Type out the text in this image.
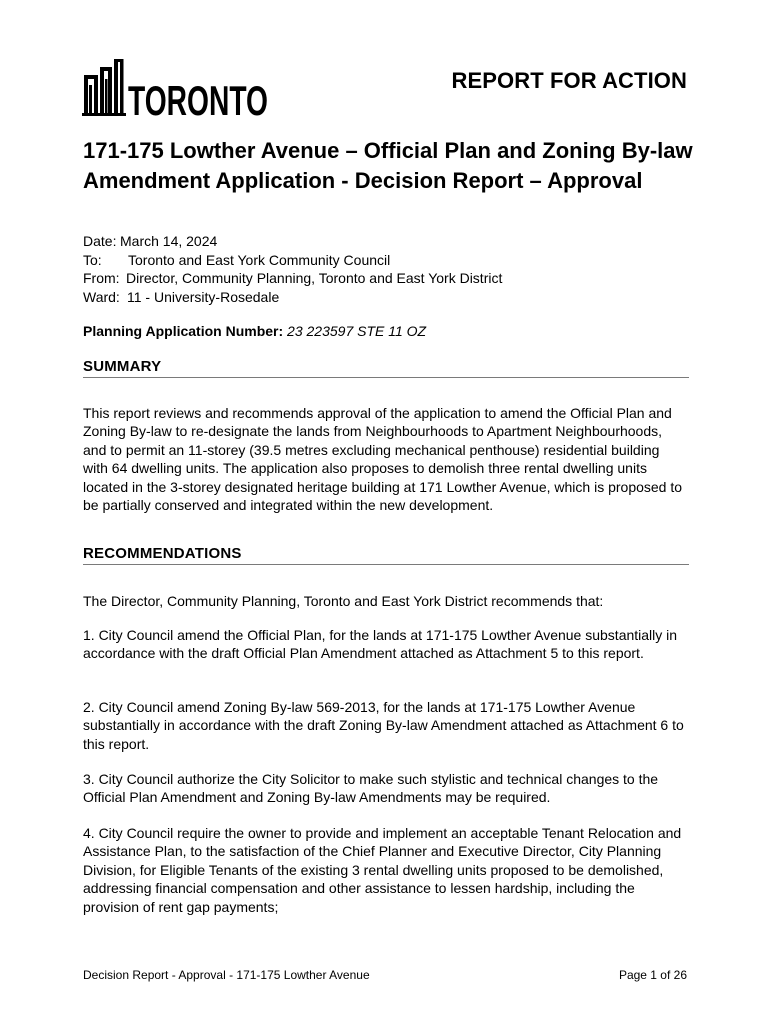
TORONTO	REPORT FOR ACTION
171-175 Lowther Avenue – Official Plan and Zoning By-law Amendment Application - Decision Report – Approval
Date: March 14, 2024
To: Toronto and East York Community Council
From: Director, Community Planning, Toronto and East York District
Ward: 11 - University-Rosedale
Planning Application Number: 23 223597 STE 11 OZ
SUMMARY

This report reviews and recommends approval of the application to amend the Official Plan and Zoning By-law to re-designate the lands from Neighbourhoods to Apartment Neighbourhoods, and to permit an 11-storey (39.5 metres excluding mechanical penthouse) residential building with 64 dwelling units. The application also proposes to demolish three rental dwelling units located in the 3-storey designated heritage building at 171 Lowther Avenue, which is proposed to be partially conserved and integrated within the new development.

RECOMMENDATIONS

The Director, Community Planning, Toronto and East York District recommends that:

1. City Council amend the Official Plan, for the lands at 171-175 Lowther Avenue substantially in accordance with the draft Official Plan Amendment attached as Attachment 5 to this report.

2. City Council amend Zoning By-law 569-2013, for the lands at 171-175 Lowther Avenue substantially in accordance with the draft Zoning By-law Amendment attached as Attachment 6 to this report.

3. City Council authorize the City Solicitor to make such stylistic and technical changes to the Official Plan Amendment and Zoning By-law Amendments may be required.

4. City Council require the owner to provide and implement an acceptable Tenant Relocation and Assistance Plan, to the satisfaction of the Chief Planner and Executive Director, City Planning Division, for Eligible Tenants of the existing 3 rental dwelling units proposed to be demolished, addressing financial compensation and other assistance to lessen hardship, including the provision of rent gap payments;

Decision Report - Approval - 171-175 Lowther Avenue	Page 1 of 26
